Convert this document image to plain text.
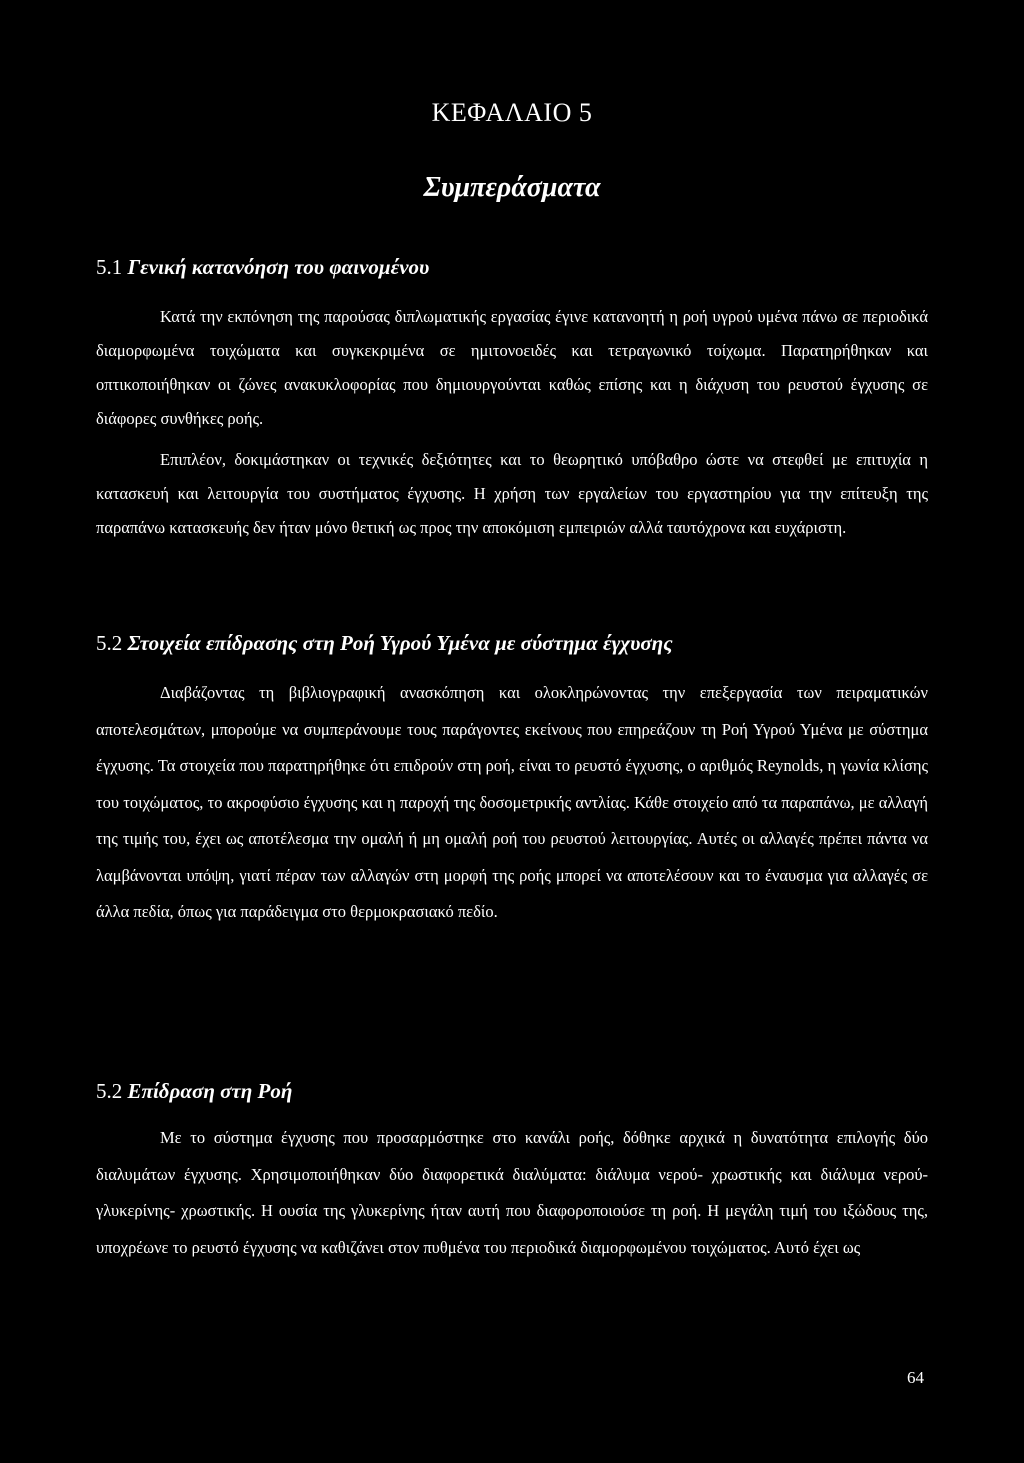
ΚΕΦΑΛΑΙΟ 5
Συμπεράσματα
5.1 Γενική κατανόηση του φαινομένου

Κατά την εκπόνηση της παρούσας διπλωματικής εργασίας έγινε κατανοητή η ροή υγρού υμένα πάνω σε περιοδικά διαμορφωμένα τοιχώματα και συγκεκριμένα σε ημιτονοειδές και τετραγωνικό τοίχωμα. Παρατηρήθηκαν και οπτικοποιήθηκαν οι ζώνες ανακυκλοφορίας που δημιουργούνται καθώς επίσης και η διάχυση του ρευστού έγχυσης σε διάφορες συνθήκες ροής.

Επιπλέον, δοκιμάστηκαν οι τεχνικές δεξιότητες και το θεωρητικό υπόβαθρο ώστε να στεφθεί με επιτυχία η κατασκευή και λειτουργία του συστήματος έγχυσης. Η χρήση των εργαλείων του εργαστηρίου για την επίτευξη της παραπάνω κατασκευής δεν ήταν μόνο θετική ως προς την αποκόμιση εμπειριών αλλά ταυτόχρονα και ευχάριστη.

5.2 Στοιχεία επίδρασης στη Ροή Υγρού Υμένα με σύστημα έγχυσης

Διαβάζοντας τη βιβλιογραφική ανασκόπηση και ολοκληρώνοντας την επεξεργασία των πειραματικών αποτελεσμάτων, μπορούμε να συμπεράνουμε τους παράγοντες εκείνους που επηρεάζουν τη Ροή Υγρού Υμένα με σύστημα έγχυσης. Τα στοιχεία που παρατηρήθηκε ότι επιδρούν στη ροή, είναι το ρευστό έγχυσης, ο αριθμός Reynolds, η γωνία κλίσης του τοιχώματος, το ακροφύσιο έγχυσης και η παροχή της δοσομετρικής αντλίας. Κάθε στοιχείο από τα παραπάνω, με αλλαγή της τιμής του, έχει ως αποτέλεσμα την ομαλή ή μη ομαλή ροή του ρευστού λειτουργίας. Αυτές οι αλλαγές πρέπει πάντα να λαμβάνονται υπόψη, γιατί πέραν των αλλαγών στη μορφή της ροής μπορεί να αποτελέσουν και το έναυσμα για αλλαγές σε άλλα πεδία, όπως για παράδειγμα στο θερμοκρασιακό πεδίο.

5.2 Επίδραση στη Ροή

Με το σύστημα έγχυσης που προσαρμόστηκε στο κανάλι ροής, δόθηκε αρχικά η δυνατότητα επιλογής δύο διαλυμάτων έγχυσης. Χρησιμοποιήθηκαν δύο διαφορετικά διαλύματα: διάλυμα νερού- χρωστικής και διάλυμα νερού- γλυκερίνης- χρωστικής. Η ουσία της γλυκερίνης ήταν αυτή που διαφοροποιούσε τη ροή. Η μεγάλη τιμή του ιξώδους της, υποχρέωνε το ρευστό έγχυσης να καθιζάνει στον πυθμένα του περιοδικά διαμορφωμένου τοιχώματος. Αυτό έχει ως

64
